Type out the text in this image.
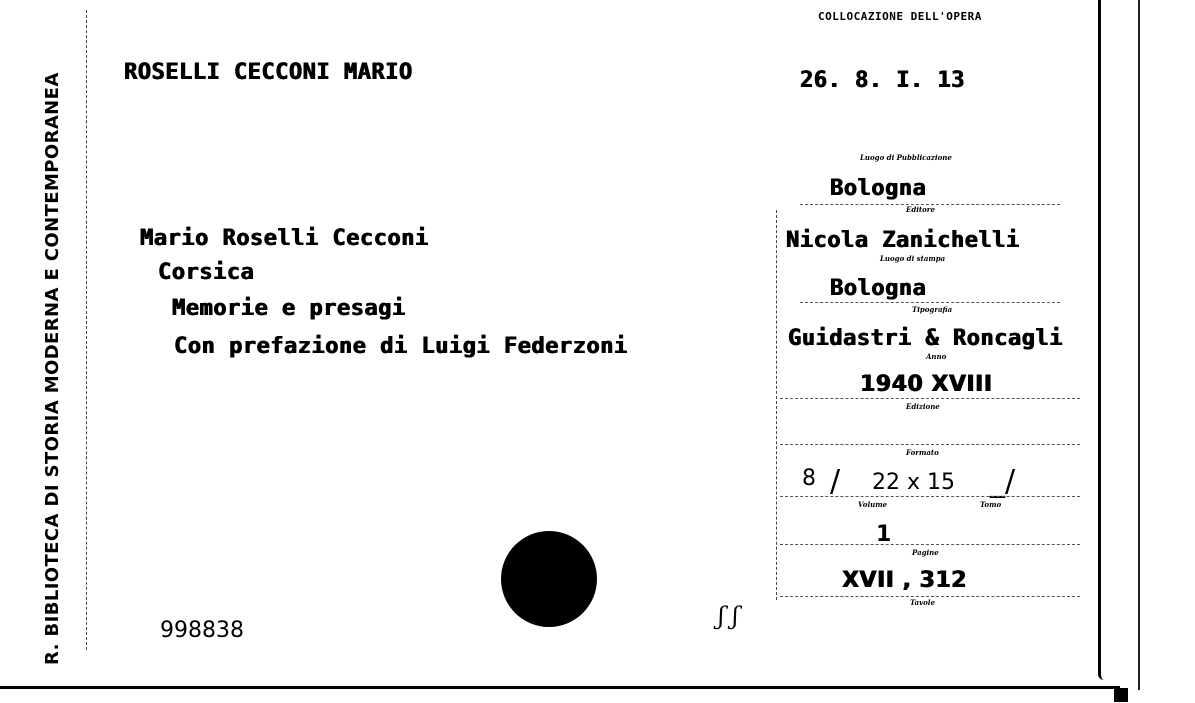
R. BIBLIOTECA DI STORIA MODERNA E CONTEMPORANEA
COLLOCAZIONE DELL'OPERA
ROSELLI CECCONI MARIO	26. 8. I. 13
Mario Roselli Cecconi
Corsica
Memorie e presagi
Con prefazione di Luigi Federzoni
Luogo di Pubblicazione
Bologna
Editore
Nicola Zanichelli
Luogo di stampa
Bologna
Tipografia
Guidastri & Roncagli
Anno
1940 XVIII
Edizione
Formato
8 / 22 x 15 _/
Volume	Tomo
1
Pagine
XVII , 312
Tavole
998838
ʃ ʃ
